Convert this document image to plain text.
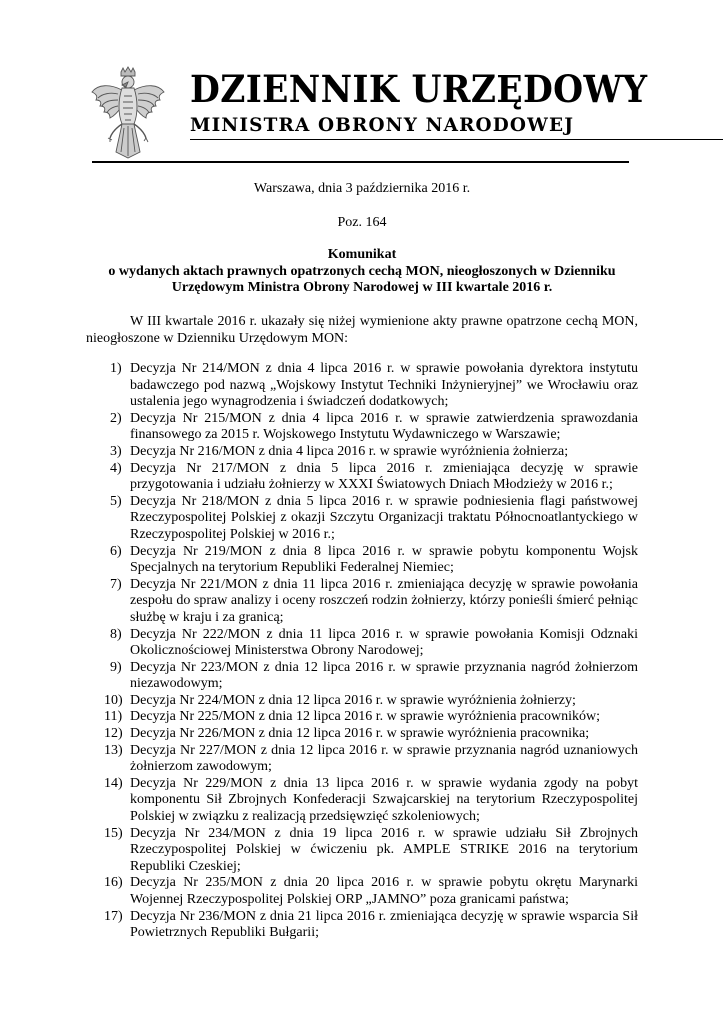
DZIENNIK URZĘDOWY
MINISTRA OBRONY NARODOWEJ
Warszawa, dnia 3 października 2016 r.
Poz. 164
Komunikat
o wydanych aktach prawnych opatrzonych cechą MON, nieogłoszonych w Dzienniku
Urzędowym Ministra Obrony Narodowej w III kwartale 2016 r.

W III kwartale 2016 r. ukazały się niżej wymienione akty prawne opatrzone cechą MON, nieogłoszone w Dzienniku Urzędowym MON:

1) Decyzja Nr 214/MON z dnia 4 lipca 2016 r. w sprawie powołania dyrektora instytutu badawczego pod nazwą „Wojskowy Instytut Techniki Inżynieryjnej” we Wrocławiu oraz ustalenia jego wynagrodzenia i świadczeń dodatkowych;
2) Decyzja Nr 215/MON z dnia 4 lipca 2016 r. w sprawie zatwierdzenia sprawozdania finansowego za 2015 r. Wojskowego Instytutu Wydawniczego w Warszawie;
3) Decyzja Nr 216/MON z dnia 4 lipca 2016 r. w sprawie wyróżnienia żołnierza;
4) Decyzja Nr 217/MON z dnia 5 lipca 2016 r. zmieniająca decyzję w sprawie przygotowania i udziału żołnierzy w XXXI Światowych Dniach Młodzieży w 2016 r.;
5) Decyzja Nr 218/MON z dnia 5 lipca 2016 r. w sprawie podniesienia flagi państwowej Rzeczypospolitej Polskiej z okazji Szczytu Organizacji traktatu Północnoatlantyckiego w Rzeczypospolitej Polskiej w 2016 r.;
6) Decyzja Nr 219/MON z dnia 8 lipca 2016 r. w sprawie pobytu komponentu Wojsk Specjalnych na terytorium Republiki Federalnej Niemiec;
7) Decyzja Nr 221/MON z dnia 11 lipca 2016 r. zmieniająca decyzję w sprawie powołania zespołu do spraw analizy i oceny roszczeń rodzin żołnierzy, którzy ponieśli śmierć pełniąc służbę w kraju i za granicą;
8) Decyzja Nr 222/MON z dnia 11 lipca 2016 r. w sprawie powołania Komisji Odznaki Okolicznościowej Ministerstwa Obrony Narodowej;
9) Decyzja Nr 223/MON z dnia 12 lipca 2016 r. w sprawie przyznania nagród żołnierzom niezawodowym;
10) Decyzja Nr 224/MON z dnia 12 lipca 2016 r. w sprawie wyróżnienia żołnierzy;
11) Decyzja Nr 225/MON z dnia 12 lipca 2016 r. w sprawie wyróżnienia pracowników;
12) Decyzja Nr 226/MON z dnia 12 lipca 2016 r. w sprawie wyróżnienia pracownika;
13) Decyzja Nr 227/MON z dnia 12 lipca 2016 r. w sprawie przyznania nagród uznaniowych żołnierzom zawodowym;
14) Decyzja Nr 229/MON z dnia 13 lipca 2016 r. w sprawie wydania zgody na pobyt komponentu Sił Zbrojnych Konfederacji Szwajcarskiej na terytorium Rzeczypospolitej Polskiej w związku z realizacją przedsięwzięć szkoleniowych;
15) Decyzja Nr 234/MON z dnia 19 lipca 2016 r. w sprawie udziału Sił Zbrojnych Rzeczypospolitej Polskiej w ćwiczeniu pk. AMPLE STRIKE 2016 na terytorium Republiki Czeskiej;
16) Decyzja Nr 235/MON z dnia 20 lipca 2016 r. w sprawie pobytu okrętu Marynarki Wojennej Rzeczypospolitej Polskiej ORP „JAMNO” poza granicami państwa;
17) Decyzja Nr 236/MON z dnia 21 lipca 2016 r. zmieniająca decyzję w sprawie wsparcia Sił Powietrznych Republiki Bułgarii;
